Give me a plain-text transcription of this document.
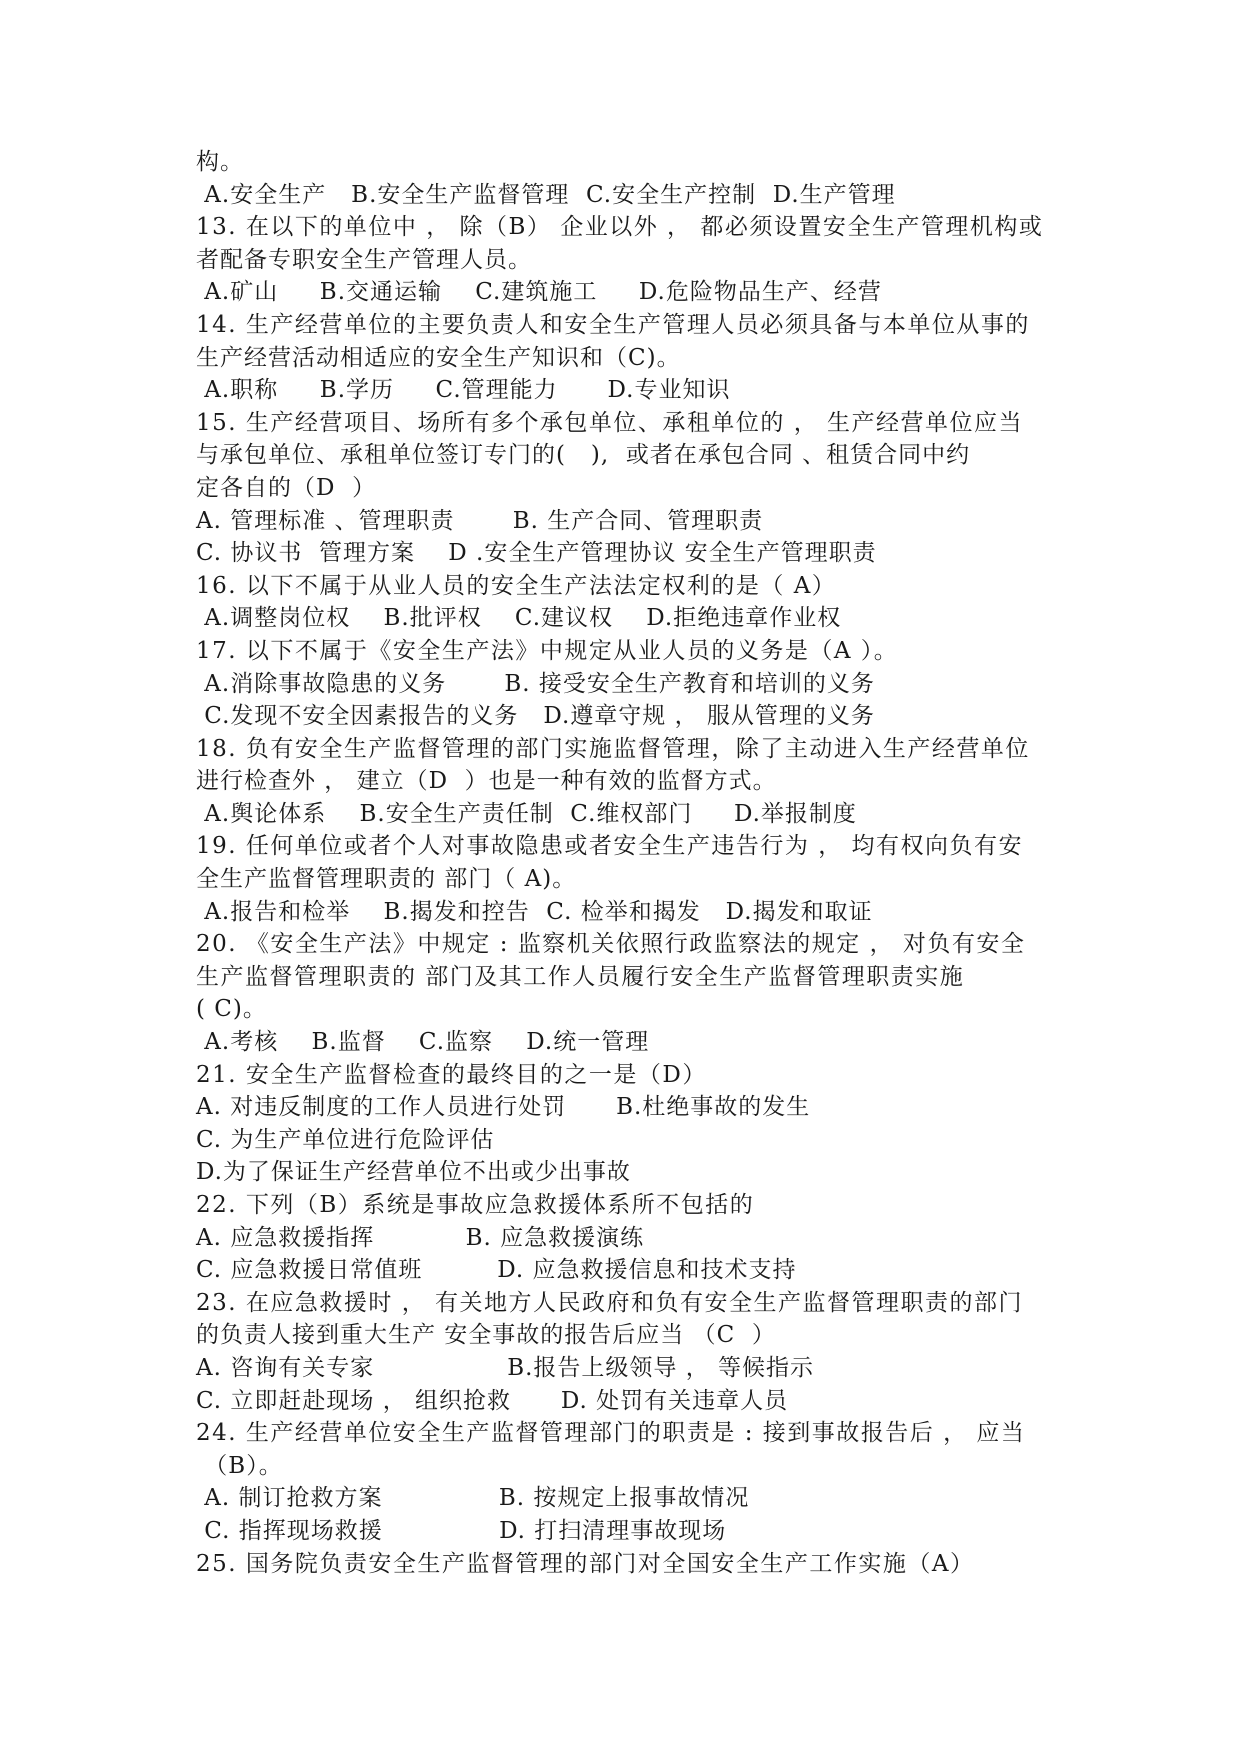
构。
A.安全生产   B.安全生产监督管理  C.安全生产控制  D.生产管理
13. 在以下的单位中 ， 除（B） 企业以外 ， 都必须设置安全生产管理机构或
者配备专职安全生产管理人员。
A.矿山     B.交通运输    C.建筑施工     D.危险物品生产、经营
14. 生产经营单位的主要负责人和安全生产管理人员必须具备与本单位从事的
生产经营活动相适应的安全生产知识和（C)。
A.职称     B.学历     C.管理能力      D.专业知识
15. 生产经营项目、场所有多个承包单位、承租单位的 ， 生产经营单位应当
与承包单位、承租单位签订专门的(   ),  或者在承包合同 、租赁合同中约
定各自的（D  ）
A. 管理标准 、管理职责       B. 生产合同、管理职责
C. 协议书  管理方案    D .安全生产管理协议 安全生产管理职责
16. 以下不属于从业人员的安全生产法法定权利的是（ A）
A.调整岗位权    B.批评权    C.建议权    D.拒绝违章作业权
17. 以下不属于《安全生产法》中规定从业人员的义务是（A ）。
A.消除事故隐患的义务       B. 接受安全生产教育和培训的义务
C.发现不安全因素报告的义务   D.遵章守规 ， 服从管理的义务
18. 负有安全生产监督管理的部门实施监督管理，除了主动进入生产经营单位
进行检查外 ， 建立（D  ）也是一种有效的监督方式。
A.舆论体系    B.安全生产责任制  C.维权部门     D.举报制度
19. 任何单位或者个人对事故隐患或者安全生产违告行为 ， 均有权向负有安
全生产监督管理职责的 部门（ A)。
A.报告和检举    B.揭发和控告  C. 检举和揭发   D.揭发和取证
20. 《安全生产法》中规定 : 监察机关依照行政监察法的规定 ， 对负有安全
生产监督管理职责的 部门及其工作人员履行安全生产监督管理职责实施
( C)。
A.考核    B.监督    C.监察    D.统一管理
21. 安全生产监督检查的最终目的之一是（D）
A. 对违反制度的工作人员进行处罚      B.杜绝事故的发生
C. 为生产单位进行危险评估
D.为了保证生产经营单位不出或少出事故
22. 下列（B）系统是事故应急救援体系所不包括的
A. 应急救援指挥           B. 应急救援演练
C. 应急救援日常值班         D. 应急救援信息和技术支持
23. 在应急救援时 ， 有关地方人民政府和负有安全生产监督管理职责的部门
的负责人接到重大生产 安全事故的报告后应当 （C  ）
A. 咨询有关专家                B.报告上级领导 ， 等候指示
C. 立即赶赴现场 ， 组织抢救      D. 处罚有关违章人员
24. 生产经营单位安全生产监督管理部门的职责是 : 接到事故报告后 ， 应当
（B）。
A. 制订抢救方案              B. 按规定上报事故情况
C. 指挥现场救援              D. 打扫清理事故现场
25. 国务院负责安全生产监督管理的部门对全国安全生产工作实施（A）
